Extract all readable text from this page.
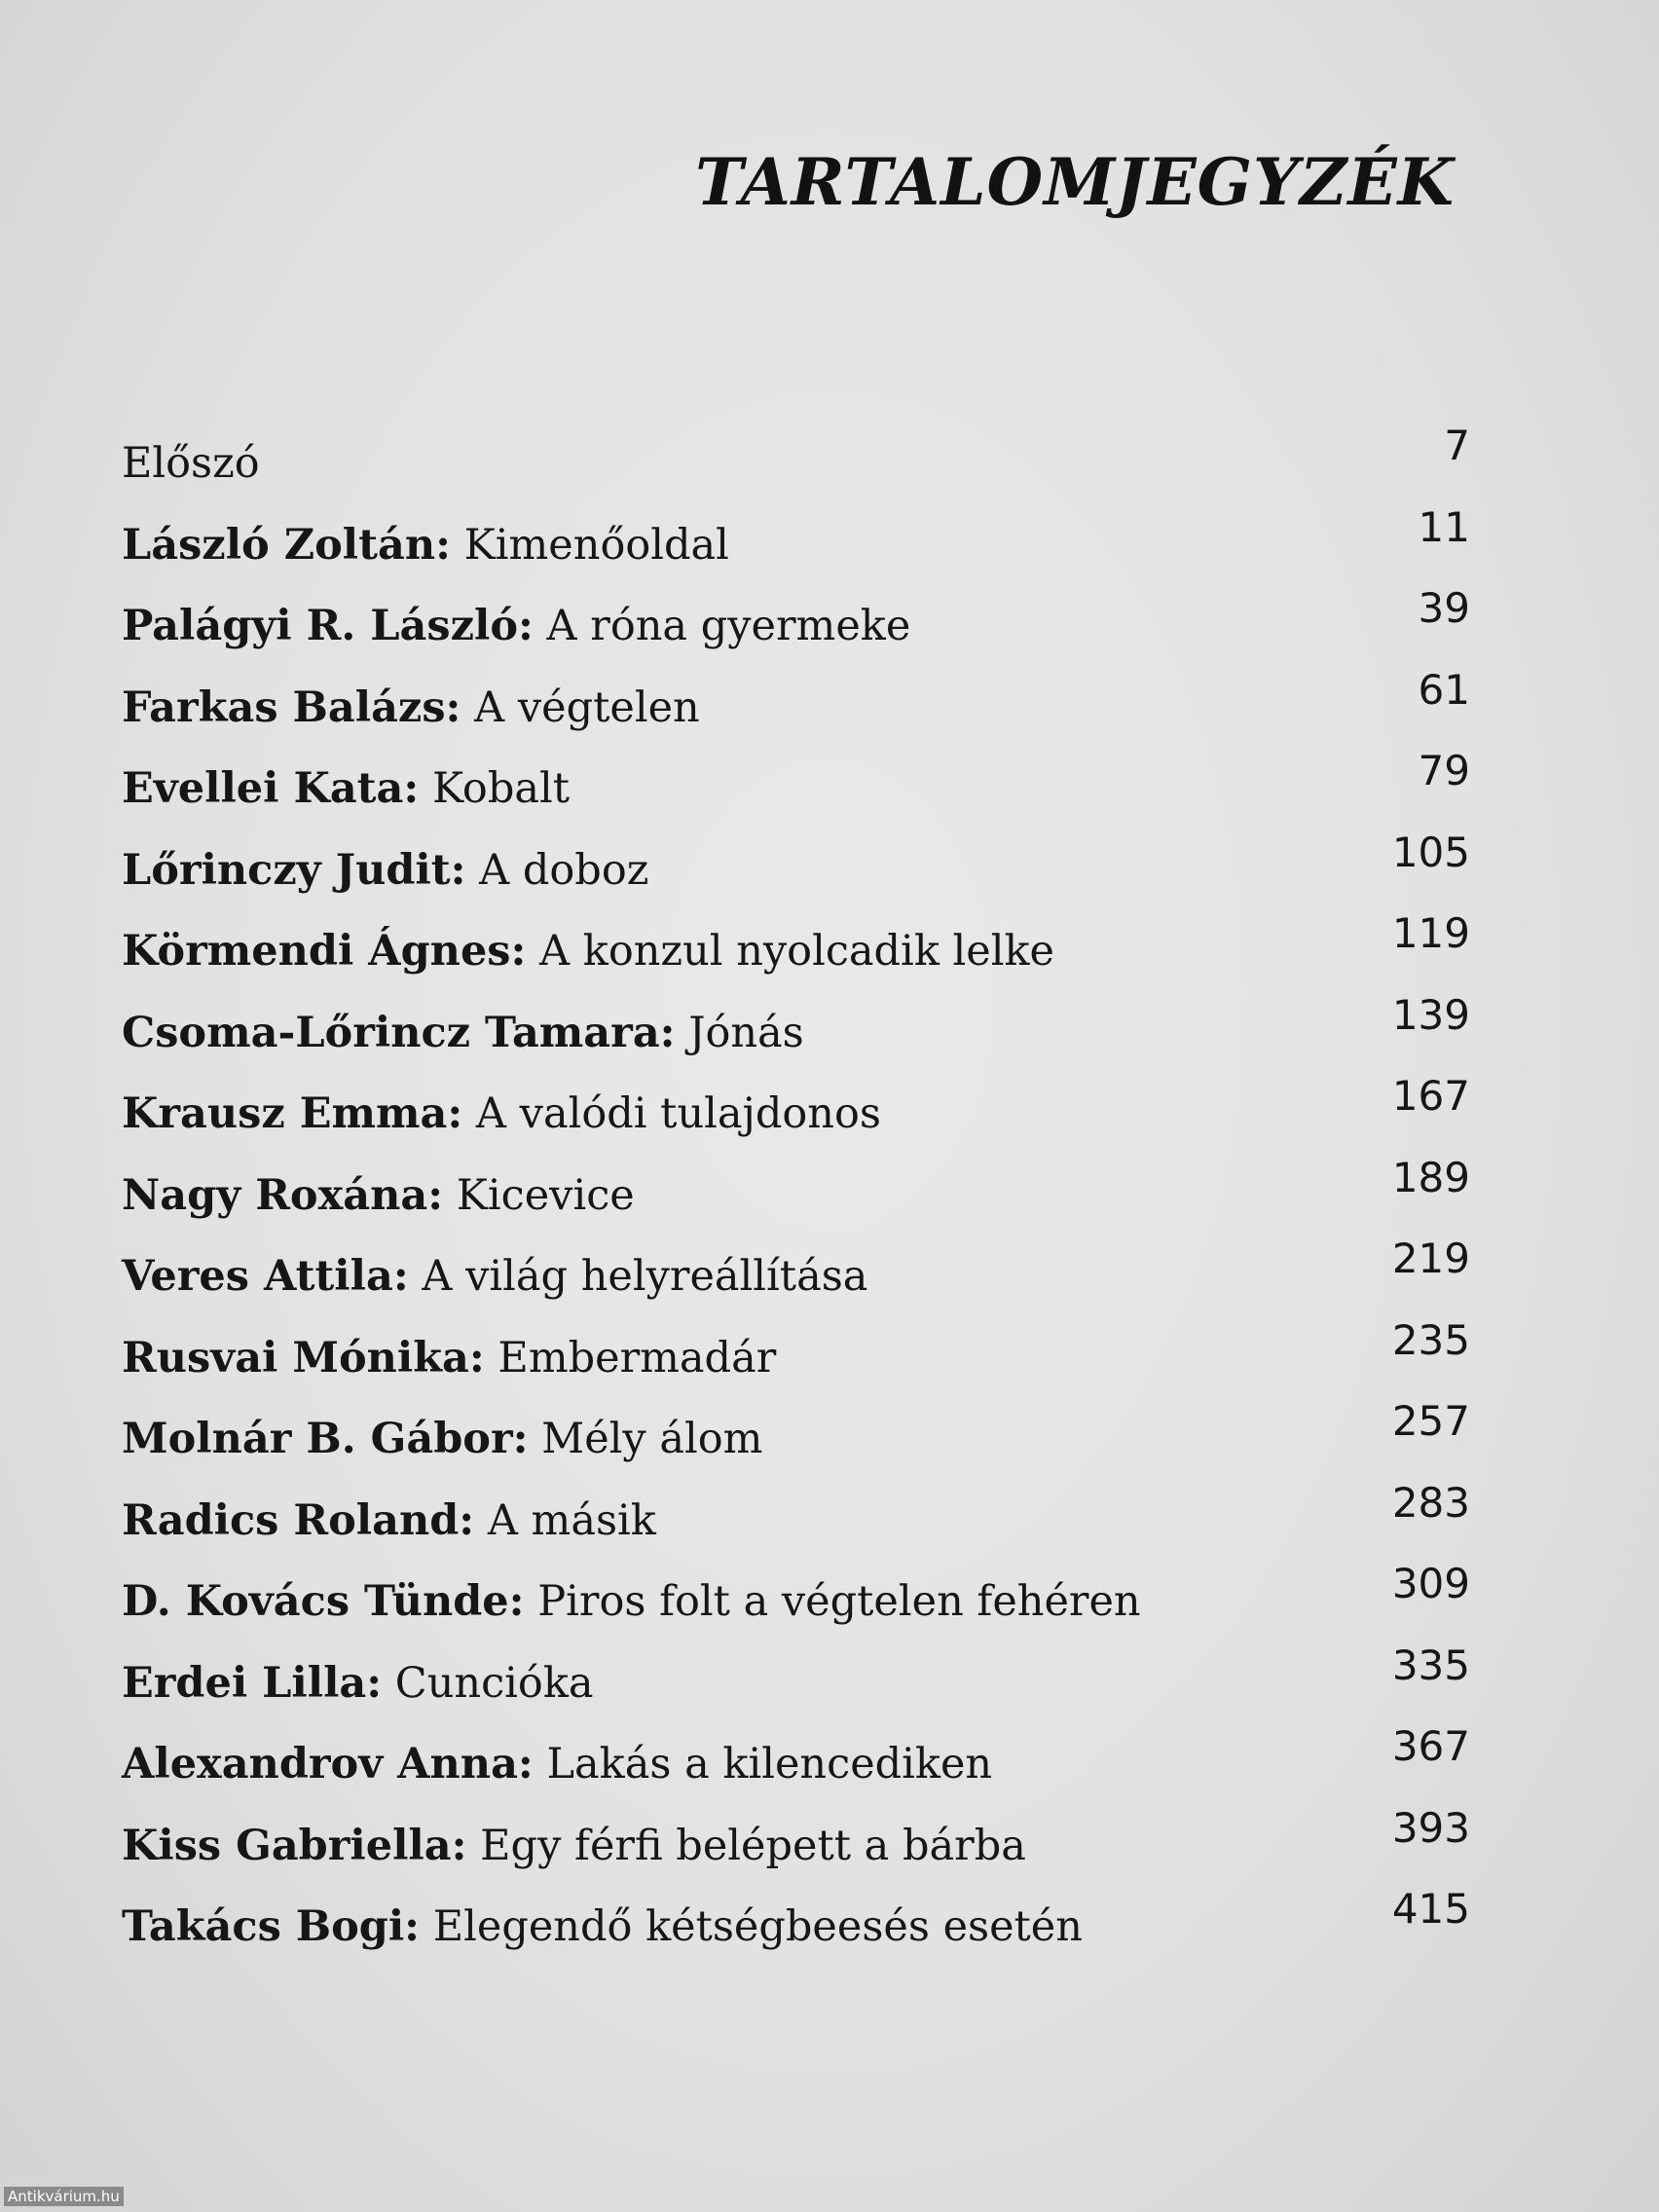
TARTALOMJEGYZÉK
Előszó	7
László Zoltán: Kimenőoldal	11
Palágyi R. László: A róna gyermeke	39
Farkas Balázs: A végtelen	61
Evellei Kata: Kobalt	79
Lőrinczy Judit: A doboz	105
Körmendi Ágnes: A konzul nyolcadik lelke	119
Csoma-Lőrincz Tamara: Jónás	139
Krausz Emma: A valódi tulajdonos	167
Nagy Roxána: Kicevice	189
Veres Attila: A világ helyreállítása	219
Rusvai Mónika: Embermadár	235
Molnár B. Gábor: Mély álom	257
Radics Roland: A másik	283
D. Kovács Tünde: Piros folt a végtelen fehéren	309
Erdei Lilla: Cuncióka	335
Alexandrov Anna: Lakás a kilencediken	367
Kiss Gabriella: Egy férfi belépett a bárba	393
Takács Bogi: Elegendő kétségbeesés esetén	415
Antikvárium.hu
